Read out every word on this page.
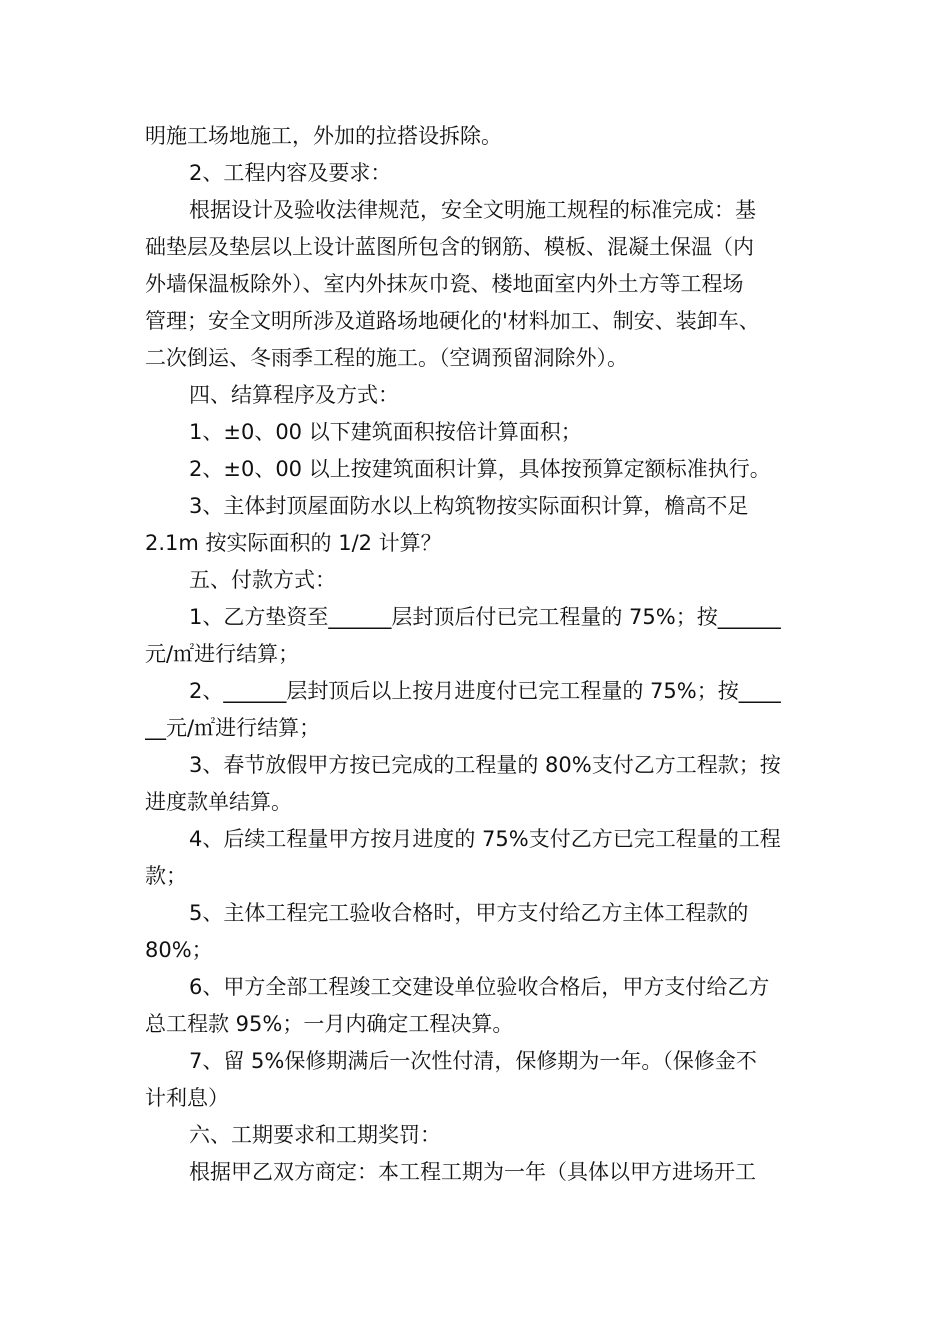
明施工场地施工，外加的拉搭设拆除。
2、工程内容及要求：
根据设计及验收法律规范，安全文明施工规程的标准完成：基
础垫层及垫层以上设计蓝图所包含的钢筋、模板、混凝土保温（内
外墙保温板除外）、室内外抹灰巾瓷、楼地面室内外土方等工程场
管理；安全文明所涉及道路场地硬化的'材料加工、制安、装卸车、
二次倒运、冬雨季工程的施工。（空调预留洞除外）。
四、结算程序及方式：
1、±0、00 以下建筑面积按倍计算面积；
2、±0、00 以上按建筑面积计算，具体按预算定额标准执行。
3、主体封顶屋面防水以上构筑物按实际面积计算，檐高不足
2.1m 按实际面积的 1/2 计算？
五、付款方式：
1、乙方垫资至______层封顶后付已完工程量的 75%；按______
元/㎡进行结算；
2、______层封顶后以上按月进度付已完工程量的 75%；按____
__元/㎡进行结算；
3、春节放假甲方按已完成的工程量的 80%支付乙方工程款；按
进度款单结算。
4、后续工程量甲方按月进度的 75%支付乙方已完工程量的工程
款；
5、主体工程完工验收合格时，甲方支付给乙方主体工程款的
80%；
6、甲方全部工程竣工交建设单位验收合格后，甲方支付给乙方
总工程款 95%；一月内确定工程决算。
7、留 5%保修期满后一次性付清，保修期为一年。（保修金不
计利息）
六、工期要求和工期奖罚：
根据甲乙双方商定：本工程工期为一年（具体以甲方进场开工
